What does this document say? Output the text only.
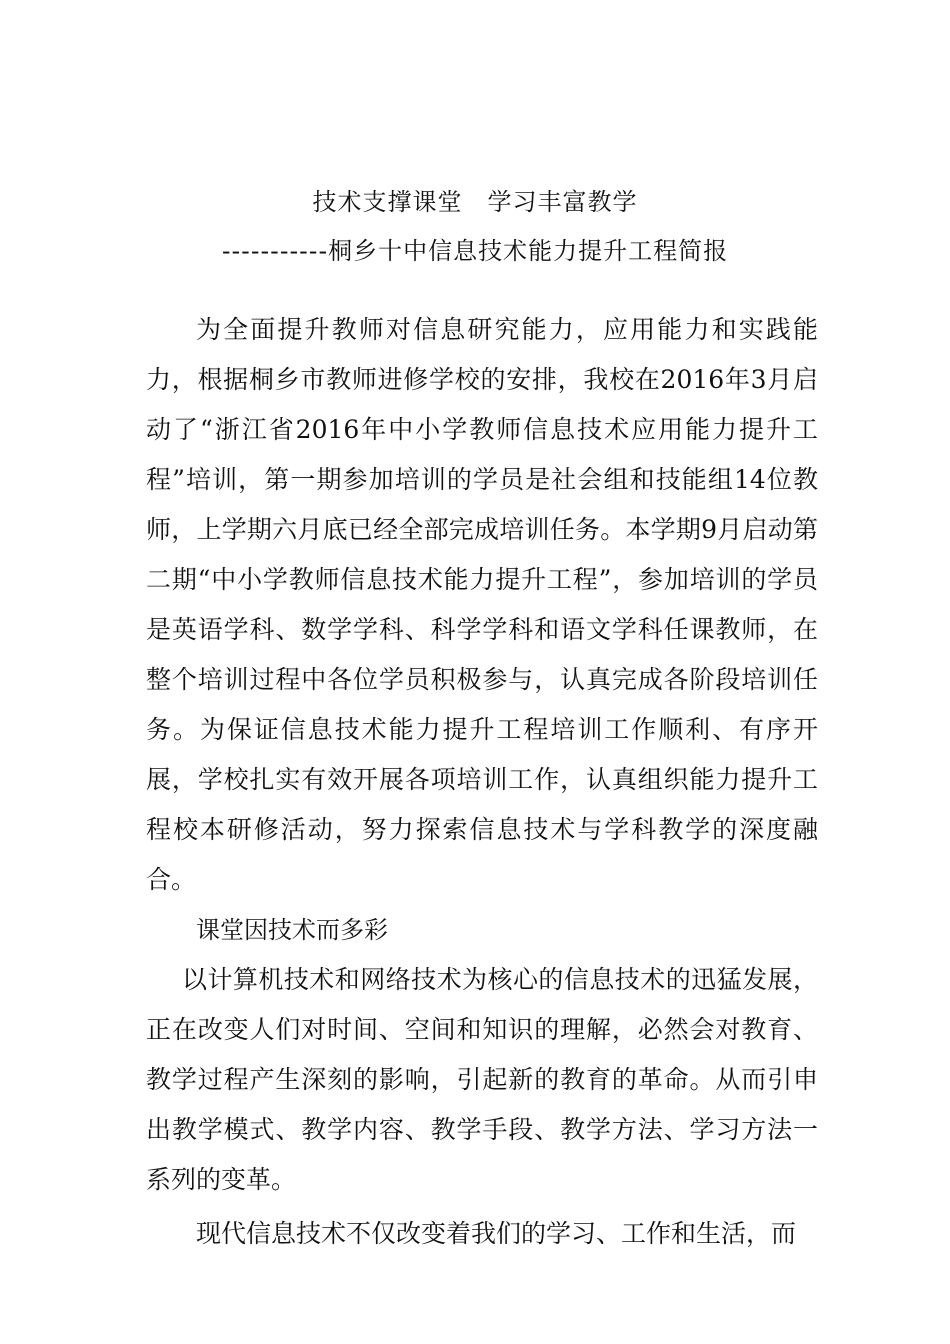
技术支撑课堂　学习丰富教学
-----------桐乡十中信息技术能力提升工程简报

为全面提升教师对信息研究能力，应用能力和实践能力，根据桐乡市教师进修学校的安排，我校在2016年3月启动了“浙江省2016年中小学教师信息技术应用能力提升工程”培训，第一期参加培训的学员是社会组和技能组14位教师，上学期六月底已经全部完成培训任务。本学期9月启动第二期“中小学教师信息技术能力提升工程”，参加培训的学员是英语学科、数学学科、科学学科和语文学科任课教师，在整个培训过程中各位学员积极参与，认真完成各阶段培训任务。为保证信息技术能力提升工程培训工作顺利、有序开展，学校扎实有效开展各项培训工作，认真组织能力提升工程校本研修活动，努力探索信息技术与学科教学的深度融合。

课堂因技术而多彩

以计算机技术和网络技术为核心的信息技术的迅猛发展，正在改变人们对时间、空间和知识的理解，必然会对教育、教学过程产生深刻的影响，引起新的教育的革命。从而引申出教学模式、教学内容、教学手段、教学方法、学习方法一系列的变革。

现代信息技术不仅改变着我们的学习、工作和生活，而
